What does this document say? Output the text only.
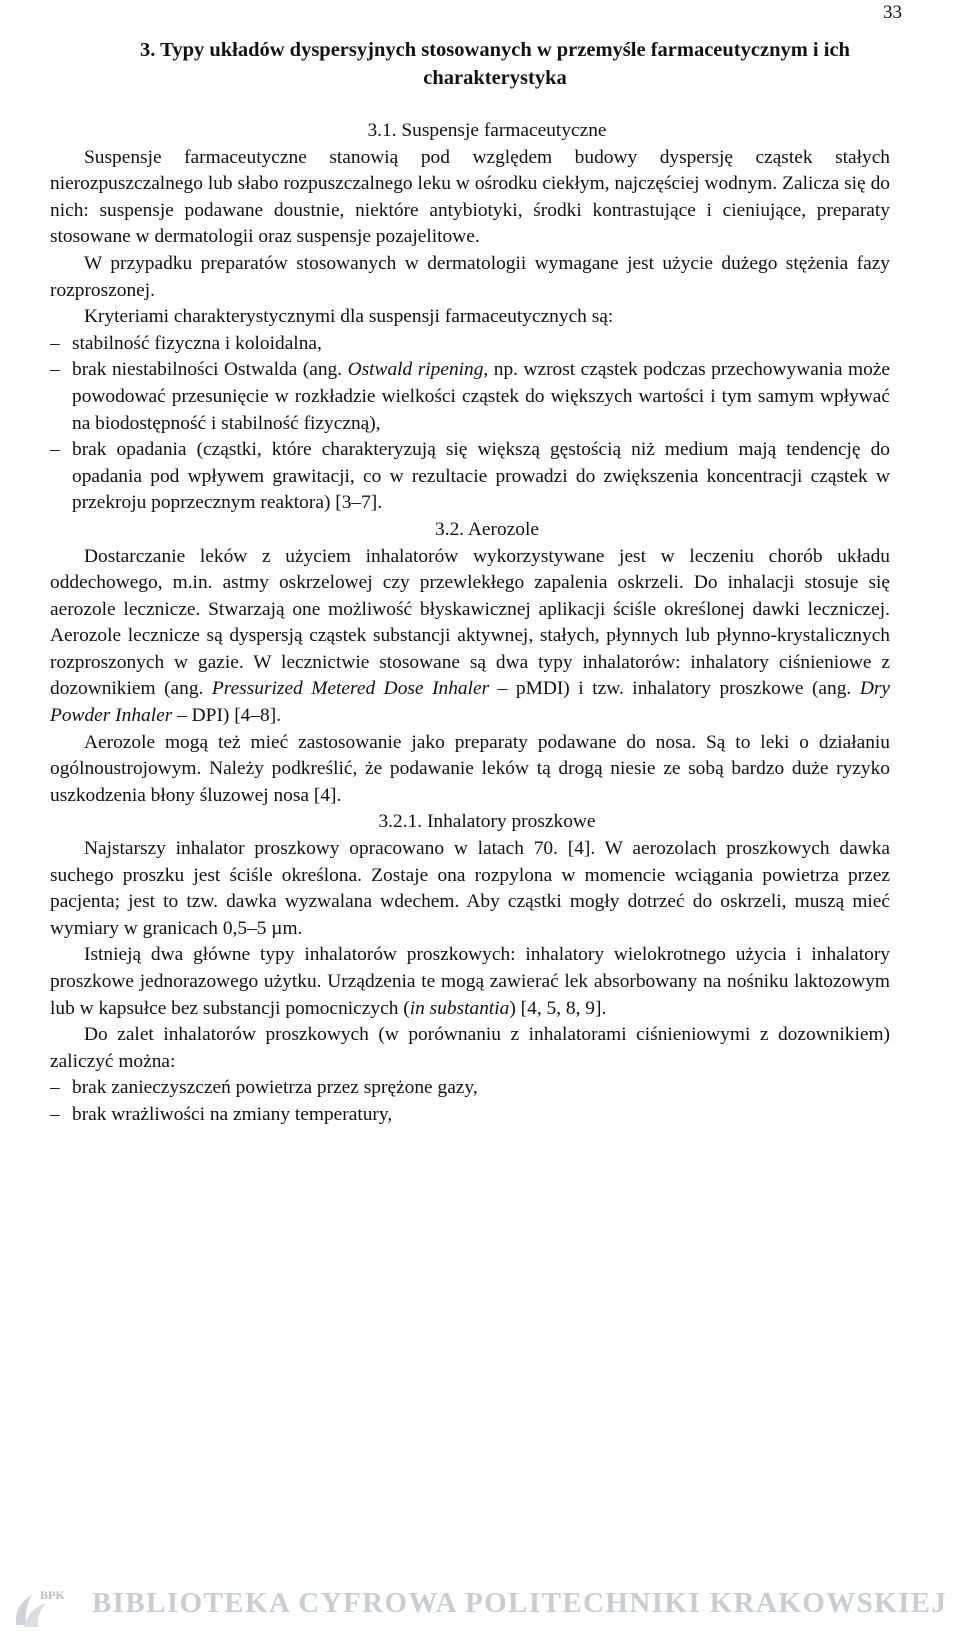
33
3. Typy układów dyspersyjnych stosowanych w przemyśle farmaceutycznym i ich charakterystyka

3.1. Suspensje farmaceutyczne

Suspensje farmaceutyczne stanowią pod względem budowy dyspersję cząstek stałych nierozpuszczalnego lub słabo rozpuszczalnego leku w ośrodku ciekłym, najczęściej wodnym. Zalicza się do nich: suspensje podawane doustnie, niektóre antybiotyki, środki kontrastujące i cieniujące, preparaty stosowane w dermatologii oraz suspensje pozajelitowe.

W przypadku preparatów stosowanych w dermatologii wymagane jest użycie dużego stężenia fazy rozproszonej.

Kryteriami charakterystycznymi dla suspensji farmaceutycznych są:

– stabilność fizyczna i koloidalna,
– brak niestabilności Ostwalda (ang. Ostwald ripening, np. wzrost cząstek podczas przechowywania może powodować przesunięcie w rozkładzie wielkości cząstek do większych wartości i tym samym wpływać na biodostępność i stabilność fizyczną),
– brak opadania (cząstki, które charakteryzują się większą gęstością niż medium mają tendencję do opadania pod wpływem grawitacji, co w rezultacie prowadzi do zwiększenia koncentracji cząstek w przekroju poprzecznym reaktora) [3–7].

3.2. Aerozole

Dostarczanie leków z użyciem inhalatorów wykorzystywane jest w leczeniu chorób układu oddechowego, m.in. astmy oskrzelowej czy przewlekłego zapalenia oskrzeli. Do inhalacji stosuje się aerozole lecznicze. Stwarzają one możliwość błyskawicznej aplikacji ściśle określonej dawki leczniczej. Aerozole lecznicze są dyspersją cząstek substancji aktywnej, stałych, płynnych lub płynno-krystalicznych rozproszonych w gazie. W lecznictwie stosowane są dwa typy inhalatorów: inhalatory ciśnieniowe z dozownikiem (ang. Pressurized Metered Dose Inhaler – pMDI) i tzw. inhalatory proszkowe (ang. Dry Powder Inhaler – DPI) [4–8].

Aerozole mogą też mieć zastosowanie jako preparaty podawane do nosa. Są to leki o działaniu ogólnoustrojowym. Należy podkreślić, że podawanie leków tą drogą niesie ze sobą bardzo duże ryzyko uszkodzenia błony śluzowej nosa [4].

3.2.1. Inhalatory proszkowe

Najstarszy inhalator proszkowy opracowano w latach 70. [4]. W aerozolach proszkowych dawka suchego proszku jest ściśle określona. Zostaje ona rozpylona w momencie wciągania powietrza przez pacjenta; jest to tzw. dawka wyzwalana wdechem. Aby cząstki mogły dotrzeć do oskrzeli, muszą mieć wymiary w granicach 0,5–5 µm.

Istnieją dwa główne typy inhalatorów proszkowych: inhalatory wielokrotnego użycia i inhalatory proszkowe jednorazowego użytku. Urządzenia te mogą zawierać lek absorbowany na nośniku laktozowym lub w kapsułce bez substancji pomocniczych (in substantia) [4, 5, 8, 9].

Do zalet inhalatorów proszkowych (w porównaniu z inhalatorami ciśnieniowymi z dozownikiem) zaliczyć można:

– brak zanieczyszczeń powietrza przez sprężone gazy,
– brak wrażliwości na zmiany temperatury,
BPK BIBLIOTEKA CYFROWA POLITECHNIKI KRAKOWSKIEJ
